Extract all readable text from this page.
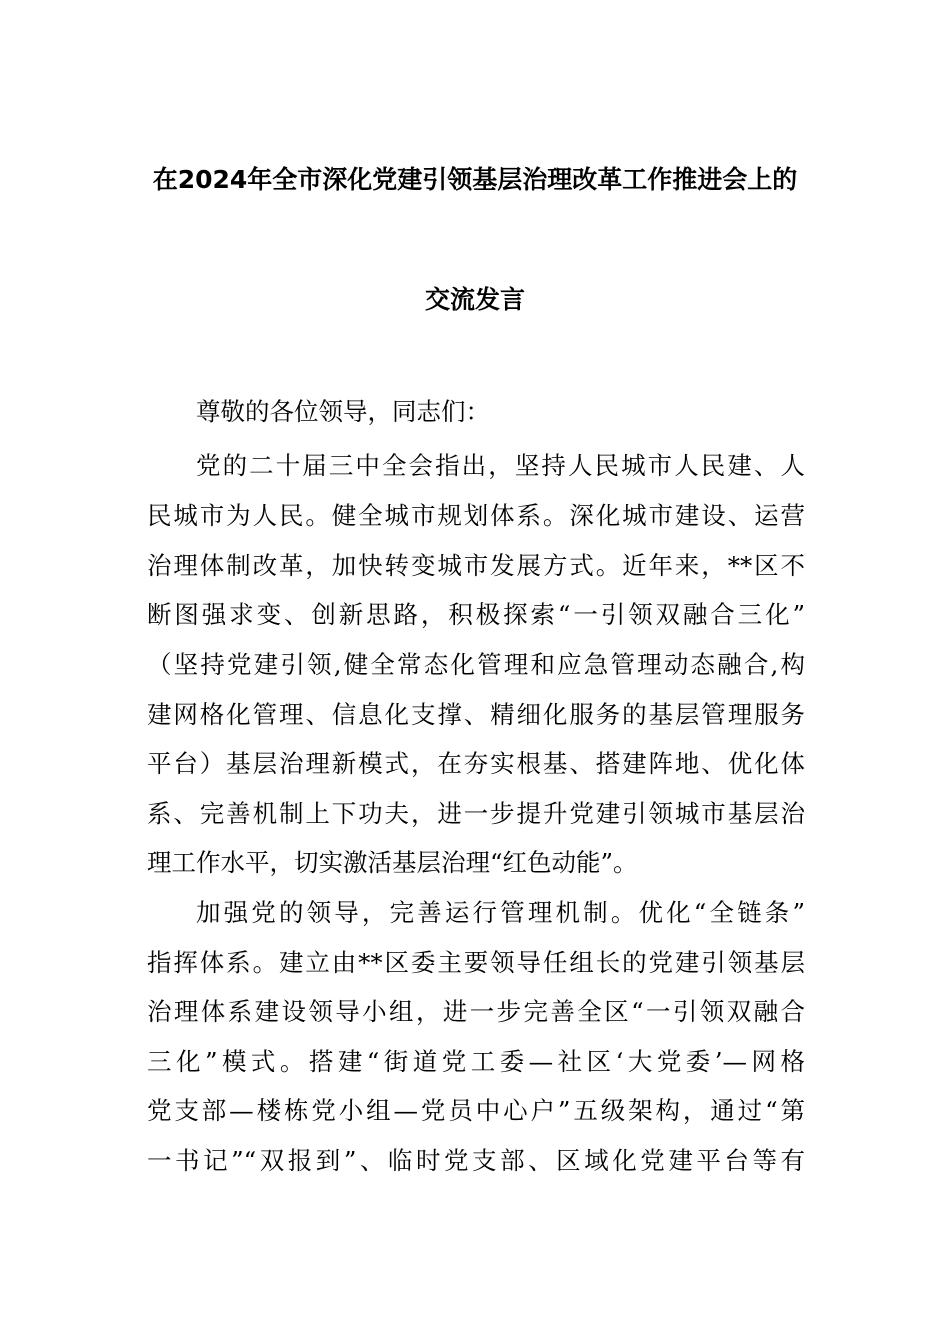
在2024年全市深化党建引领基层治理改革工作推进会上的
交流发言
尊敬的各位领导，同志们：
党的二十届三中全会指出，坚持人民城市人民建、人
民城市为人民。健全城市规划体系。深化城市建设、运营
治理体制改革，加快转变城市发展方式。近年来，**区不
断图强求变、创新思路，积极探索“一引领双融合三化”
（坚持党建引领,健全常态化管理和应急管理动态融合,构
建网格化管理、信息化支撑、精细化服务的基层管理服务
平台）基层治理新模式，在夯实根基、搭建阵地、优化体
系、完善机制上下功夫，进一步提升党建引领城市基层治
理工作水平，切实激活基层治理“红色动能”。
加强党的领导，完善运行管理机制。优化“全链条”
指挥体系。建立由**区委主要领导任组长的党建引领基层
治理体系建设领导小组，进一步完善全区“一引领双融合
三化”模式。搭建“街道党工委—社区‘大党委’—网格
党支部—楼栋党小组—党员中心户”五级架构，通过“第
一书记”“双报到”、临时党支部、区域化党建平台等有
